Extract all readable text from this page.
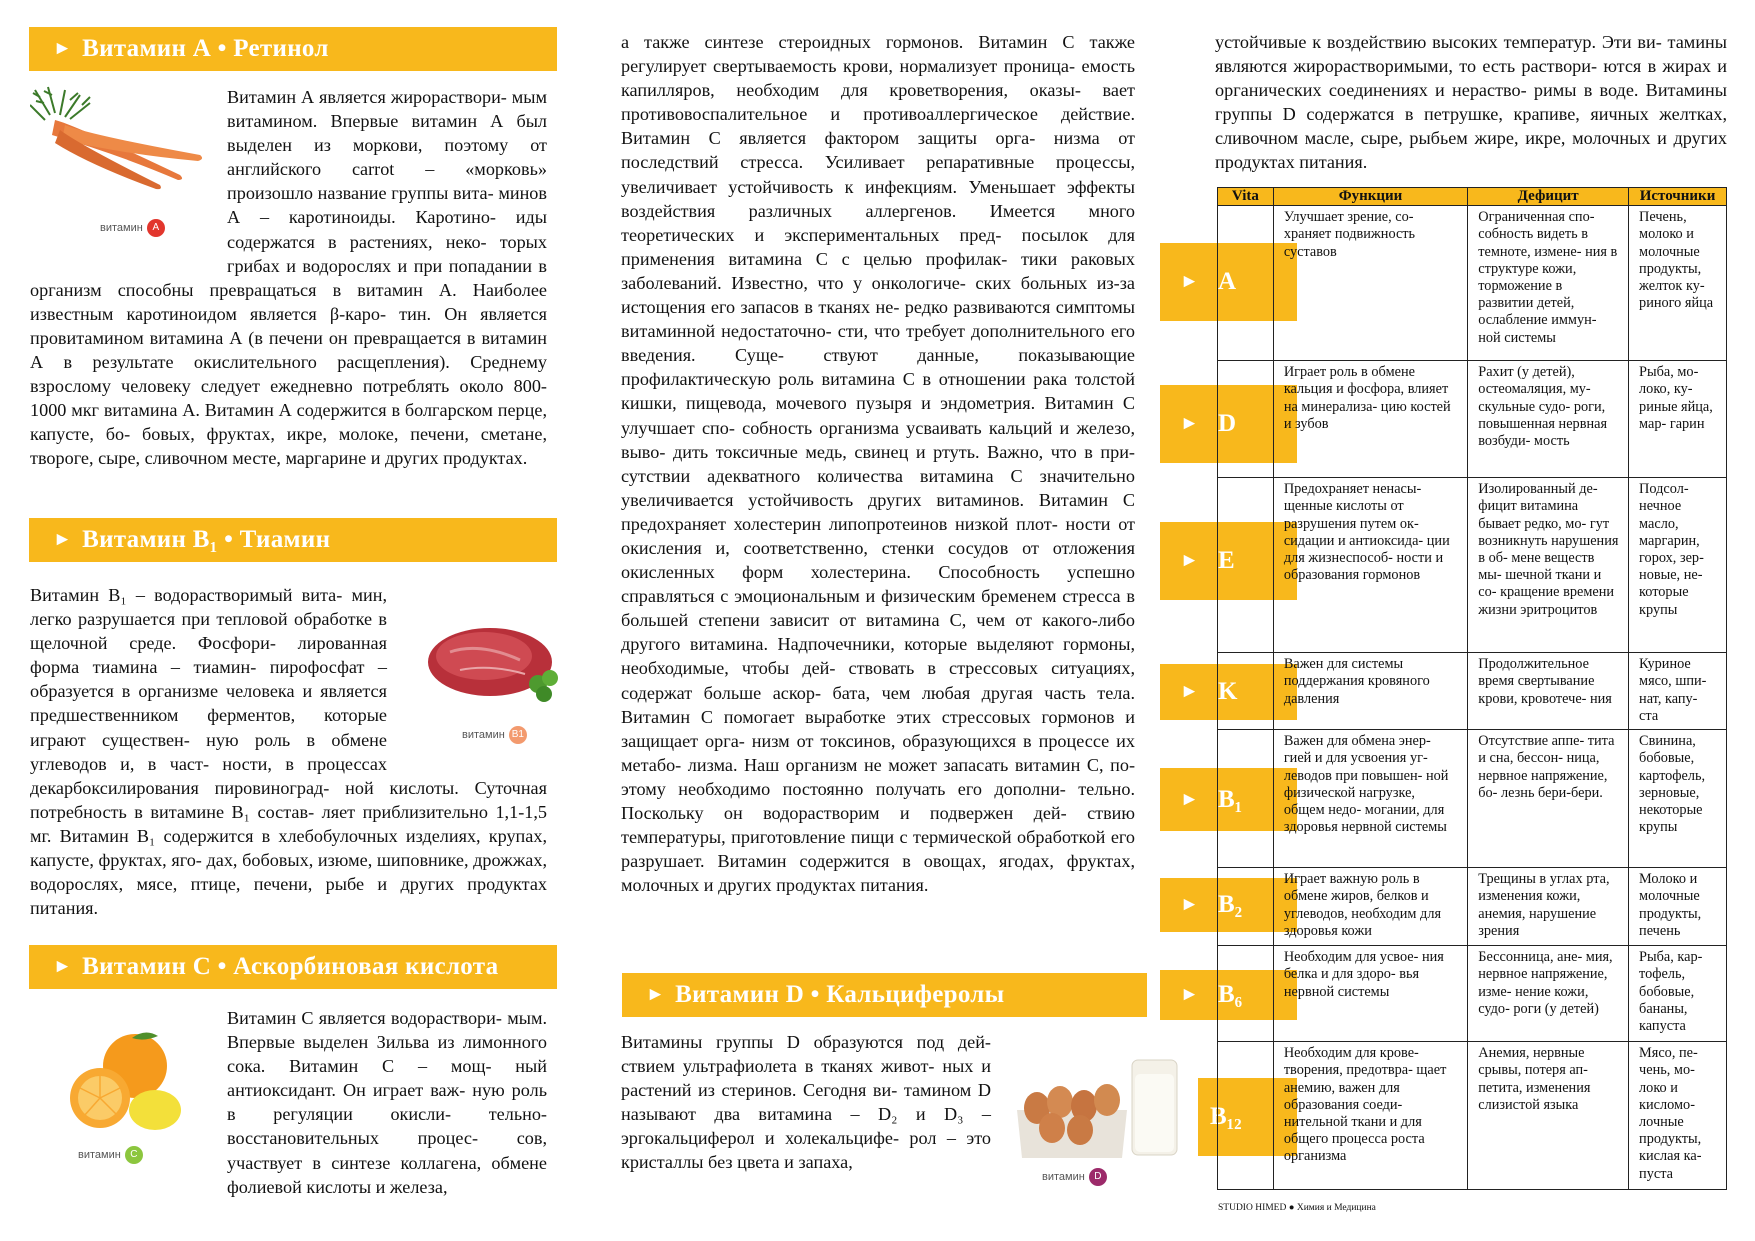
► Витамин А • Ретинол
витамин A

Витамин А является жирораствори- мым витамином. Впервые витамин А был выделен из моркови, поэтому от английского carrot – «морковь» произошло название группы вита- минов А – каротиноиды. Каротино- иды содержатся в растениях, неко- торых грибах и водорослях и при попадании в организм способны превращаться в витамин А. Наиболее известным каротиноидом является β-каро- тин. Он является провитамином витамина А (в печени он превращается в витамин А в результате окислительного расщепления). Среднему взрослому человеку следует ежедневно потреблять около 800-1000 мкг витамина А. Витамин А содержится в болгарском перце, капусте, бо- бовых, фруктах, икре, молоке, печени, сметане, твороге, сыре, сливочном месте, маргарине и других продуктах.

► Витамин B₁ • Тиамин
витамин B1

Витамин B₁ – водорастворимый вита- мин, легко разрушается при тепловой обработке в щелочной среде. Фосфори- лированная форма тиамина – тиамин- пирофосфат – образуется в организме человека и является предшественником ферментов, которые играют существен- ную роль в обмене углеводов и, в част- ности, в процессах декарбоксилирования пировиноград- ной кислоты. Суточная потребность в витамине B₁ состав- ляет приблизительно 1,1-1,5 мг. Витамин B₁ содержится в хлебобулочных изделиях, крупах, капусте, фруктах, яго- дах, бобовых, изюме, шиповнике, дрожжах, водорослях, мясе, птице, печени, рыбе и других продуктах питания.

► Витамин С • Аскорбиновая кислота
витамин C

Витамин С является водораствори- мым. Впервые выделен Зильва из лимонного сока. Витамин С – мощ- ный антиоксидант. Он играет важ- ную роль в регуляции окисли- тельно-восстановительных процес- сов, участвует в синтезе коллагена, обмене фолиевой кислоты и железа,

а также синтезе стероидных гормонов. Витамин С также регулирует свертываемость крови, нормализует проница- емость капилляров, необходим для кроветворения, оказы- вает противовоспалительное и противоаллергическое действие. Витамин С является фактором защиты орга- низма от последствий стресса. Усиливает репаративные процессы, увеличивает устойчивость к инфекциям. Уменьшает эффекты воздействия различных аллергенов. Имеется много теоретических и экспериментальных пред- посылок для применения витамина С с целью профилак- тики раковых заболеваний. Известно, что у онкологиче- ских больных из-за истощения его запасов в тканях не- редко развиваются симптомы витаминной недостаточно- сти, что требует дополнительного его введения. Суще- ствуют данные, показывающие профилактическую роль витамина С в отношении рака толстой кишки, пищевода, мочевого пузыря и эндометрия. Витамин С улучшает спо- собность организма усваивать кальций и железо, выво- дить токсичные медь, свинец и ртуть. Важно, что в при- сутствии адекватного количества витамина С значительно увеличивается устойчивость других витаминов. Витамин С предохраняет холестерин липопротеинов низкой плот- ности от окисления и, соответственно, стенки сосудов от отложения окисленных форм холестерина. Способность успешно справляться с эмоциональным и физическим бременем стресса в большей степени зависит от витамина С, чем от какого-либо другого витамина. Надпочечники, которые выделяют гормоны, необходимые, чтобы дей- ствовать в стрессовых ситуациях, содержат больше аскор- бата, чем любая другая часть тела. Витамин С помогает выработке этих стрессовых гормонов и защищает орга- низм от токсинов, образующихся в процессе их метабо- лизма. Наш организм не может запасать витамин С, по- этому необходимо постоянно получать его дополни- тельно. Поскольку он водорастворим и подвержен дей- ствию температуры, приготовление пищи с термической обработкой его разрушает. Витамин содержится в овощах, ягодах, фруктах, молочных и других продуктах питания.

► Витамин D • Кальциферолы
витамин D

Витамины группы D образуются под дей- ствием ультрафиолета в тканях живот- ных и растений из стеринов. Сегодня ви- тамином D называют два витамина – D₂ и D₃ – эргокальциферол и холекальцифе- рол – это кристаллы без цвета и запаха,

устойчивые к воздействию высоких температур. Эти ви- тамины являются жирорастворимыми, то есть раствори- ются в жирах и органических соединениях и нераство- римы в воде. Витамины группы D содержатся в петрушке, крапиве, яичных желтках, сливочном масле, сыре, рыбьем жире, икре, молочных и других продуктах питания.

► A
► D
► E
► K
► B₁
► B₂
► B₆
B₁₂
Vita	Функции	Дефицит	Источники
	Улучшает зрение, со- храняет подвижность суставов	Ограниченная спо- собность видеть в темноте, измене- ния в структуре кожи, торможение в развитии детей, ослабление иммун- ной системы	Печень, молоко и молочные продукты, желток ку- риного яйца
	Играет роль в обмене кальция и фосфора, влияет на минерализа- цию костей и зубов	Рахит (у детей), остеомаляция, му- скульные судо- роги, повышенная нервная возбуди- мость	Рыба, мо- локо, ку- риные яйца, мар- гарин
	Предохраняет ненасы- щенные кислоты от разрушения путем ок- сидации и антиоксида- ции для жизнеспособ- ности и образования гормонов	Изолированный де- фицит витамина бывает редко, мо- гут возникнуть нарушения в об- мене веществ мы- шечной ткани и со- кращение времени жизни эритроцитов	Подсол- нечное масло, маргарин, горох, зер- новые, не- которые крупы
	Важен для системы поддержания кровяного давления	Продолжительное время свертывание крови, кровотече- ния	Куриное мясо, шпи- нат, капу- ста
	Важен для обмена энер- гией и для усвоения уг- леводов при повышен- ной физической нагрузке, общем недо- могании, для здоровья нервной системы	Отсутствие аппе- тита и сна, бессон- ница, нервное напряжение, бо- лезнь бери-бери.	Свинина, бобовые, картофель, зерновые, некоторые крупы
	Играет важную роль в обмене жиров, белков и углеводов, необходим для здоровья кожи	Трещины в углах рта, изменения кожи, анемия, нарушение зрения	Молоко и молочные продукты, печень
	Необходим для усвое- ния белка и для здоро- вья нервной системы	Бессонница, ане- мия, нервное напряжение, изме- нение кожи, судо- роги (у детей)	Рыба, кар- тофель, бобовые, бананы, капуста
	Необходим для крове- творения, предотвра- щает анемию, важен для образования соеди- нительной ткани и для общего процесса роста организма	Анемия, нервные срывы, потеря ап- петита, изменения слизистой языка	Мясо, пе- чень, мо- локо и кисломо- лочные продукты, кислая ка- пуста
STUDIO HIMED ● Химия и Медицина
